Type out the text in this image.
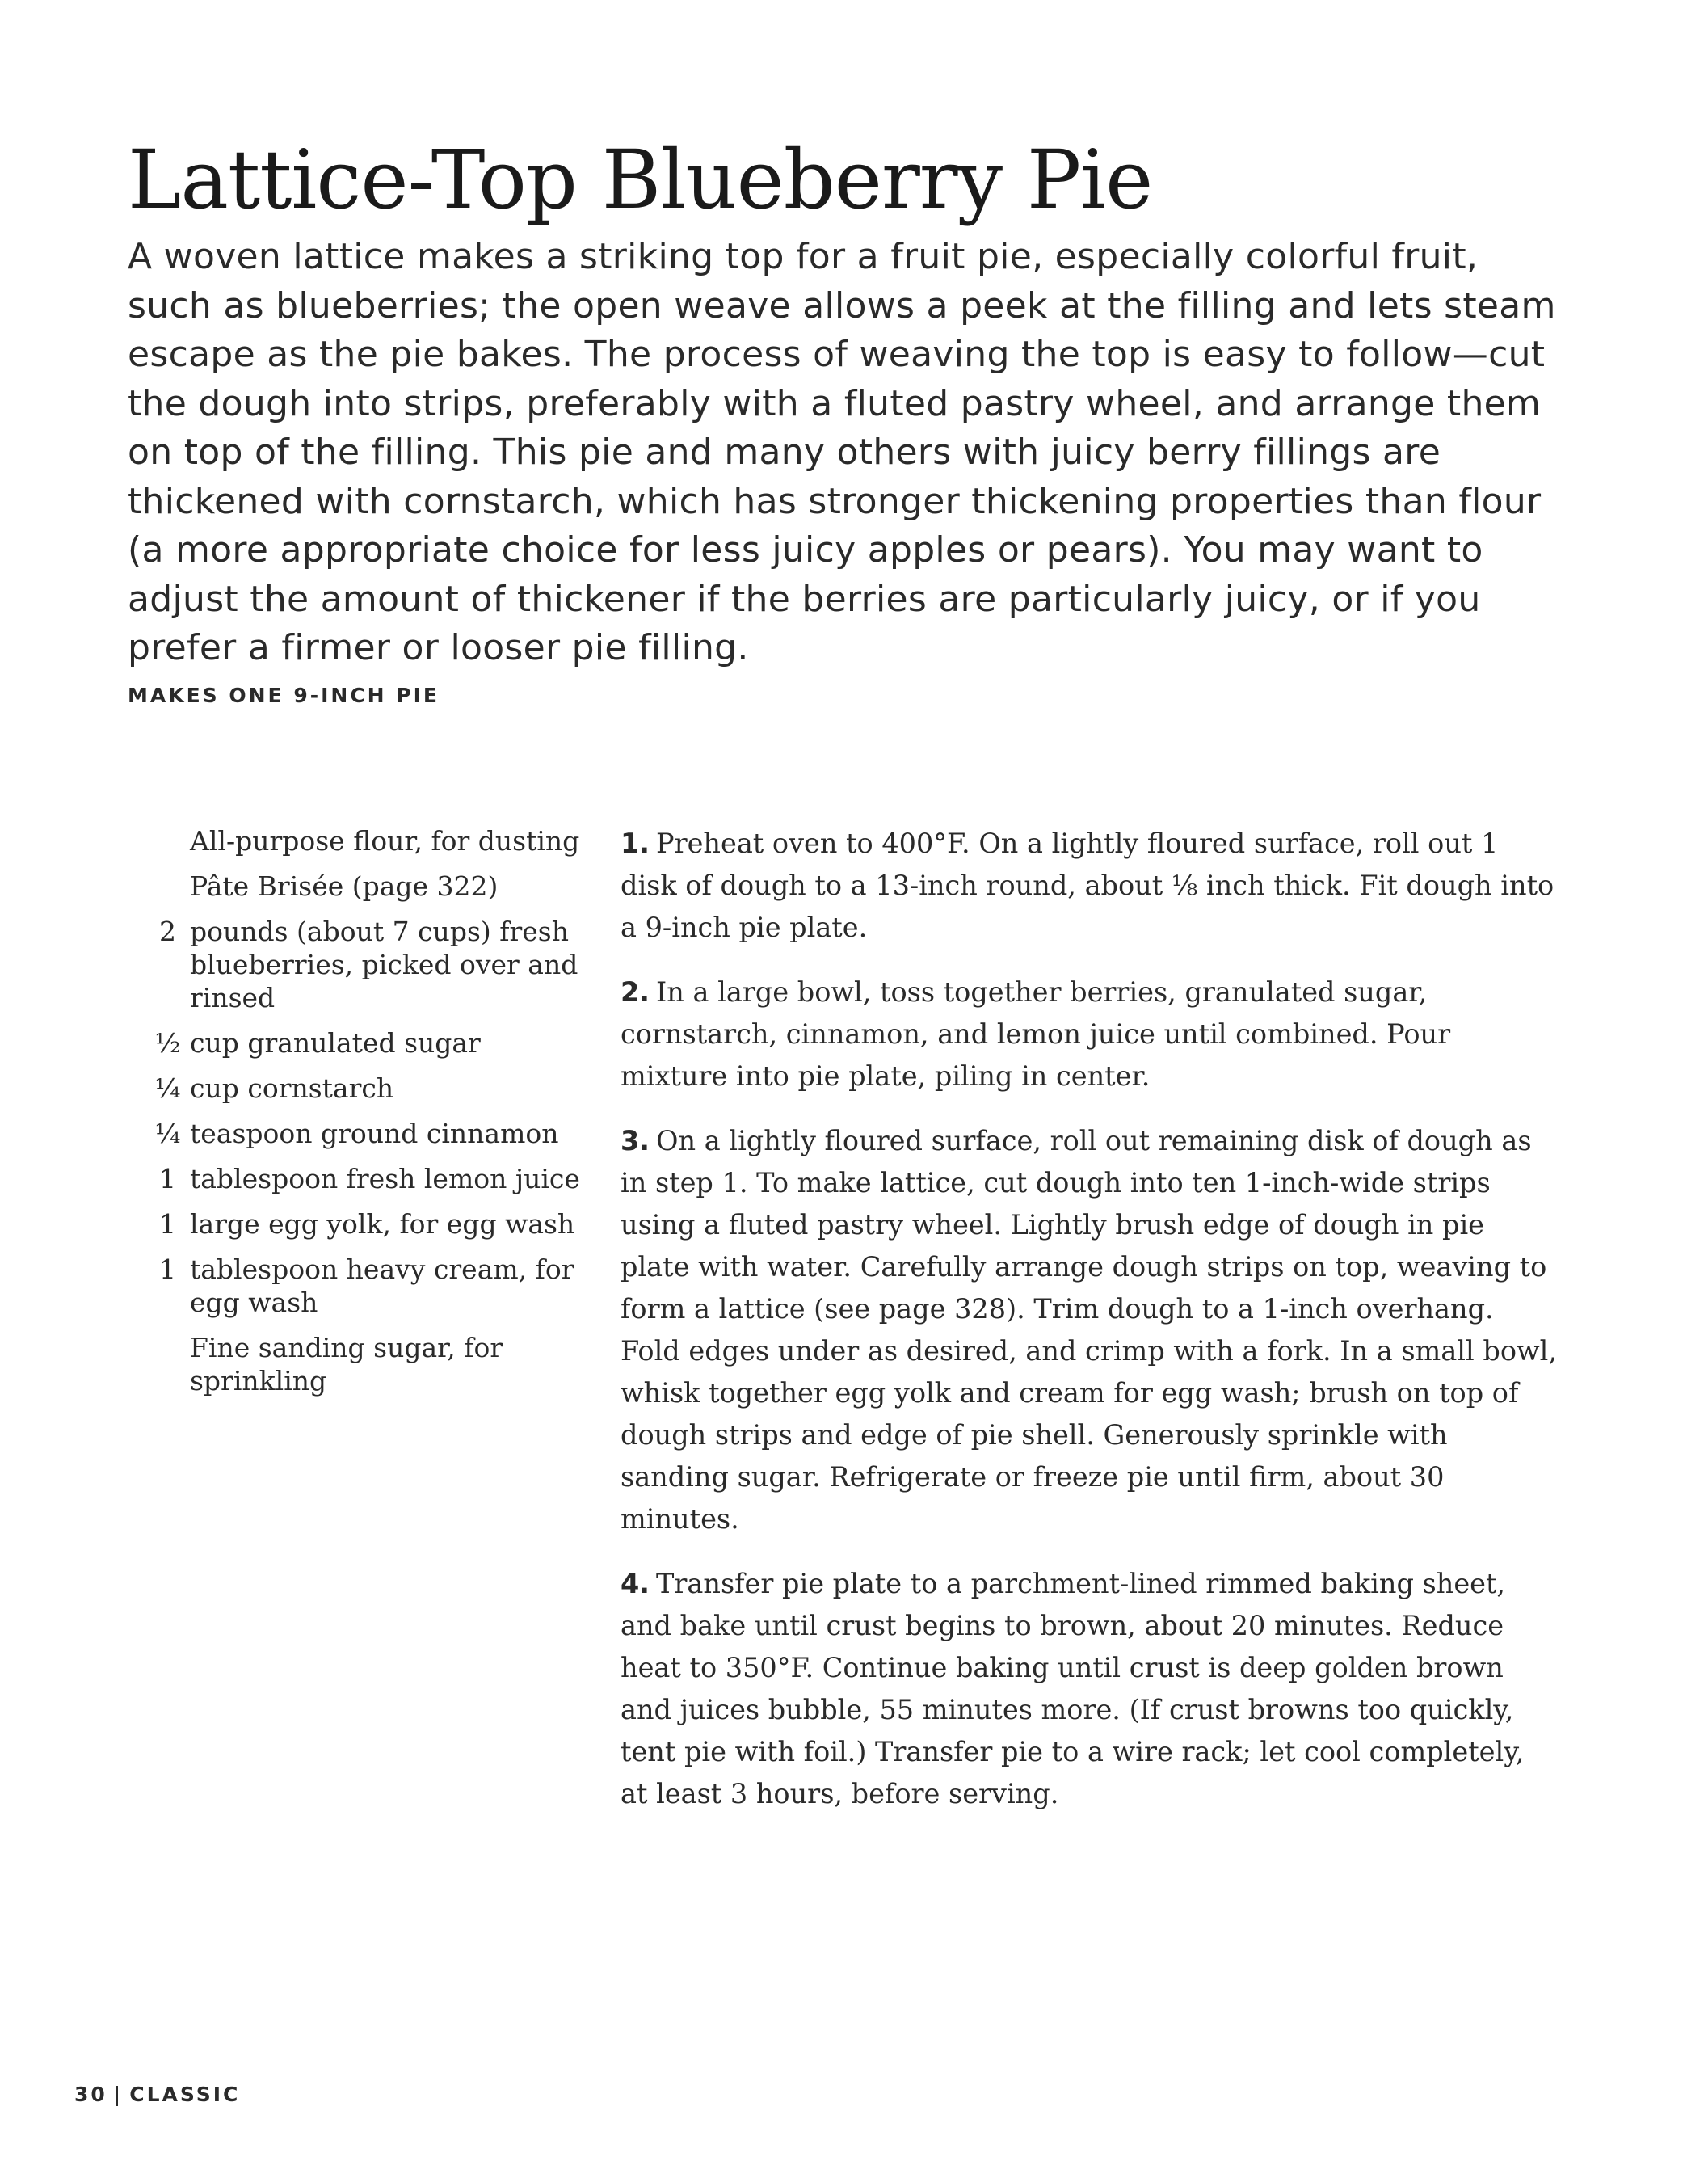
Lattice-Top Blueberry Pie

A woven lattice makes a striking top for a fruit pie, especially colorful fruit, such as blueberries; the open weave allows a peek at the filling and lets steam escape as the pie bakes. The process of weaving the top is easy to follow—cut the dough into strips, preferably with a fluted pastry wheel, and arrange them on top of the filling. This pie and many others with juicy berry fillings are thickened with cornstarch, which has stronger thickening properties than flour (a more appropriate choice for less juicy apples or pears). You may want to adjust the amount of thickener if the berries are particularly juicy, or if you prefer a firmer or looser pie filling.

MAKES ONE 9-INCH PIE
All-purpose flour, for dusting
Pâte Brisée (page 322)
2 pounds (about 7 cups) fresh blueberries, picked over and rinsed
½ cup granulated sugar
¼ cup cornstarch
¼ teaspoon ground cinnamon
1 tablespoon fresh lemon juice
1 large egg yolk, for egg wash
1 tablespoon heavy cream, for egg wash
Fine sanding sugar, for sprinkling

1. Preheat oven to 400°F. On a lightly floured surface, roll out 1 disk of dough to a 13-inch round, about ⅛ inch thick. Fit dough into a 9-inch pie plate.

2. In a large bowl, toss together berries, granulated sugar, cornstarch, cinnamon, and lemon juice until combined. Pour mixture into pie plate, piling in center.

3. On a lightly floured surface, roll out remaining disk of dough as in step 1. To make lattice, cut dough into ten 1-inch-wide strips using a fluted pastry wheel. Lightly brush edge of dough in pie plate with water. Carefully arrange dough strips on top, weaving to form a lattice (see page 328). Trim dough to a 1-inch overhang. Fold edges under as desired, and crimp with a fork. In a small bowl, whisk together egg yolk and cream for egg wash; brush on top of dough strips and edge of pie shell. Generously sprinkle with sanding sugar. Refrigerate or freeze pie until firm, about 30 minutes.

4. Transfer pie plate to a parchment-lined rimmed baking sheet, and bake until crust begins to brown, about 20 minutes. Reduce heat to 350°F. Continue baking until crust is deep golden brown and juices bubble, 55 minutes more. (If crust browns too quickly, tent pie with foil.) Transfer pie to a wire rack; let cool completely, at least 3 hours, before serving.

30 | CLASSIC
